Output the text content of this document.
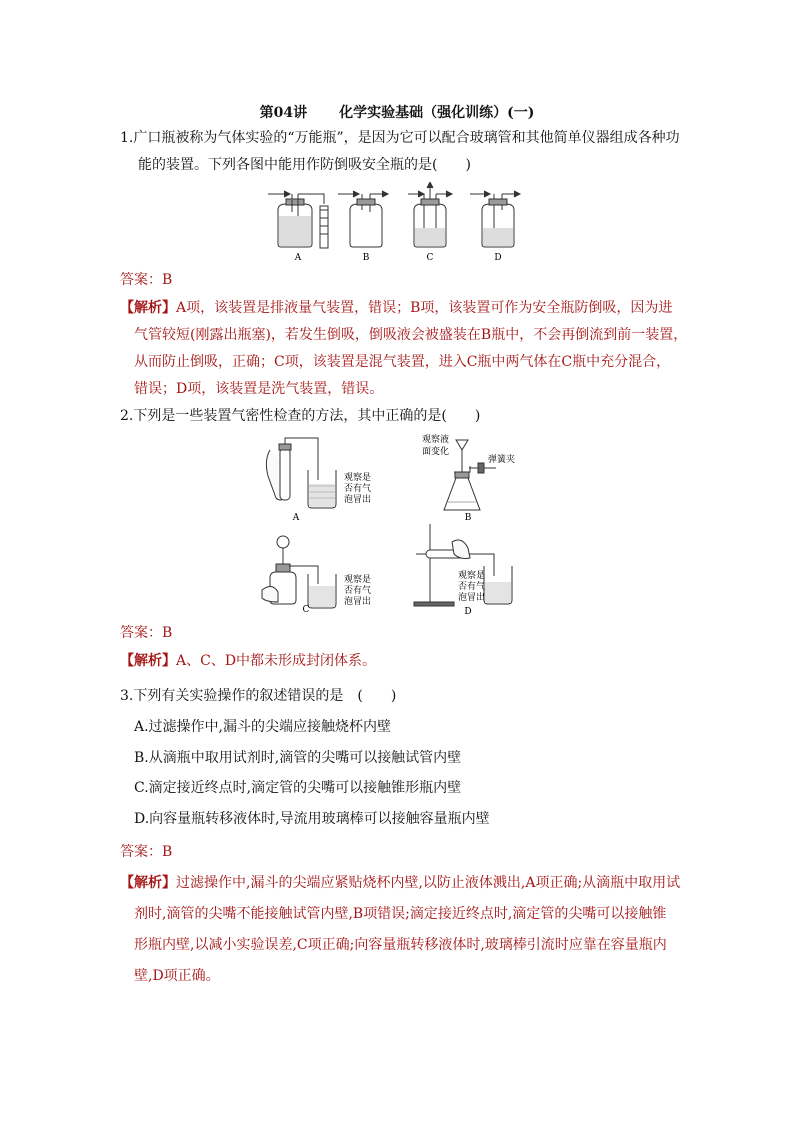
第04讲 化学实验基础（强化训练）(一)
1.广口瓶被称为气体实验的“万能瓶”，是因为它可以配合玻璃管和其他简单仪器组成各种功
能的装置。下列各图中能用作防倒吸安全瓶的是(　　)
A	B	C	D
答案：B
【解析】A项，该装置是排液量气装置，错误；B项，该装置可作为安全瓶防倒吸，因为进
气管较短(刚露出瓶塞)，若发生倒吸，倒吸液会被盛装在B瓶中，不会再倒流到前一装置，
从而防止倒吸，正确；C项，该装置是混气装置，进入C瓶中两气体在C瓶中充分混合，
错误；D项，该装置是洗气装置，错误。
2.下列是一些装置气密性检查的方法，其中正确的是(　　)
观察是
否有气
泡冒出
A
观察液
面变化
弹簧夹
B
观察是
否有气
泡冒出
C
观察是
否有气
泡冒出
D
答案：B
【解析】A、C、D中都未形成封闭体系。
3.下列有关实验操作的叙述错误的是　(　　)
A.过滤操作中,漏斗的尖端应接触烧杯内壁
B.从滴瓶中取用试剂时,滴管的尖嘴可以接触试管内壁
C.滴定接近终点时,滴定管的尖嘴可以接触锥形瓶内壁
D.向容量瓶转移液体时,导流用玻璃棒可以接触容量瓶内壁
答案：B
【解析】过滤操作中,漏斗的尖端应紧贴烧杯内壁,以防止液体溅出,A项正确;从滴瓶中取用试
剂时,滴管的尖嘴不能接触试管内壁,B项错误;滴定接近终点时,滴定管的尖嘴可以接触锥
形瓶内壁,以减小实验误差,C项正确;向容量瓶转移液体时,玻璃棒引流时应靠在容量瓶内
壁,D项正确。
